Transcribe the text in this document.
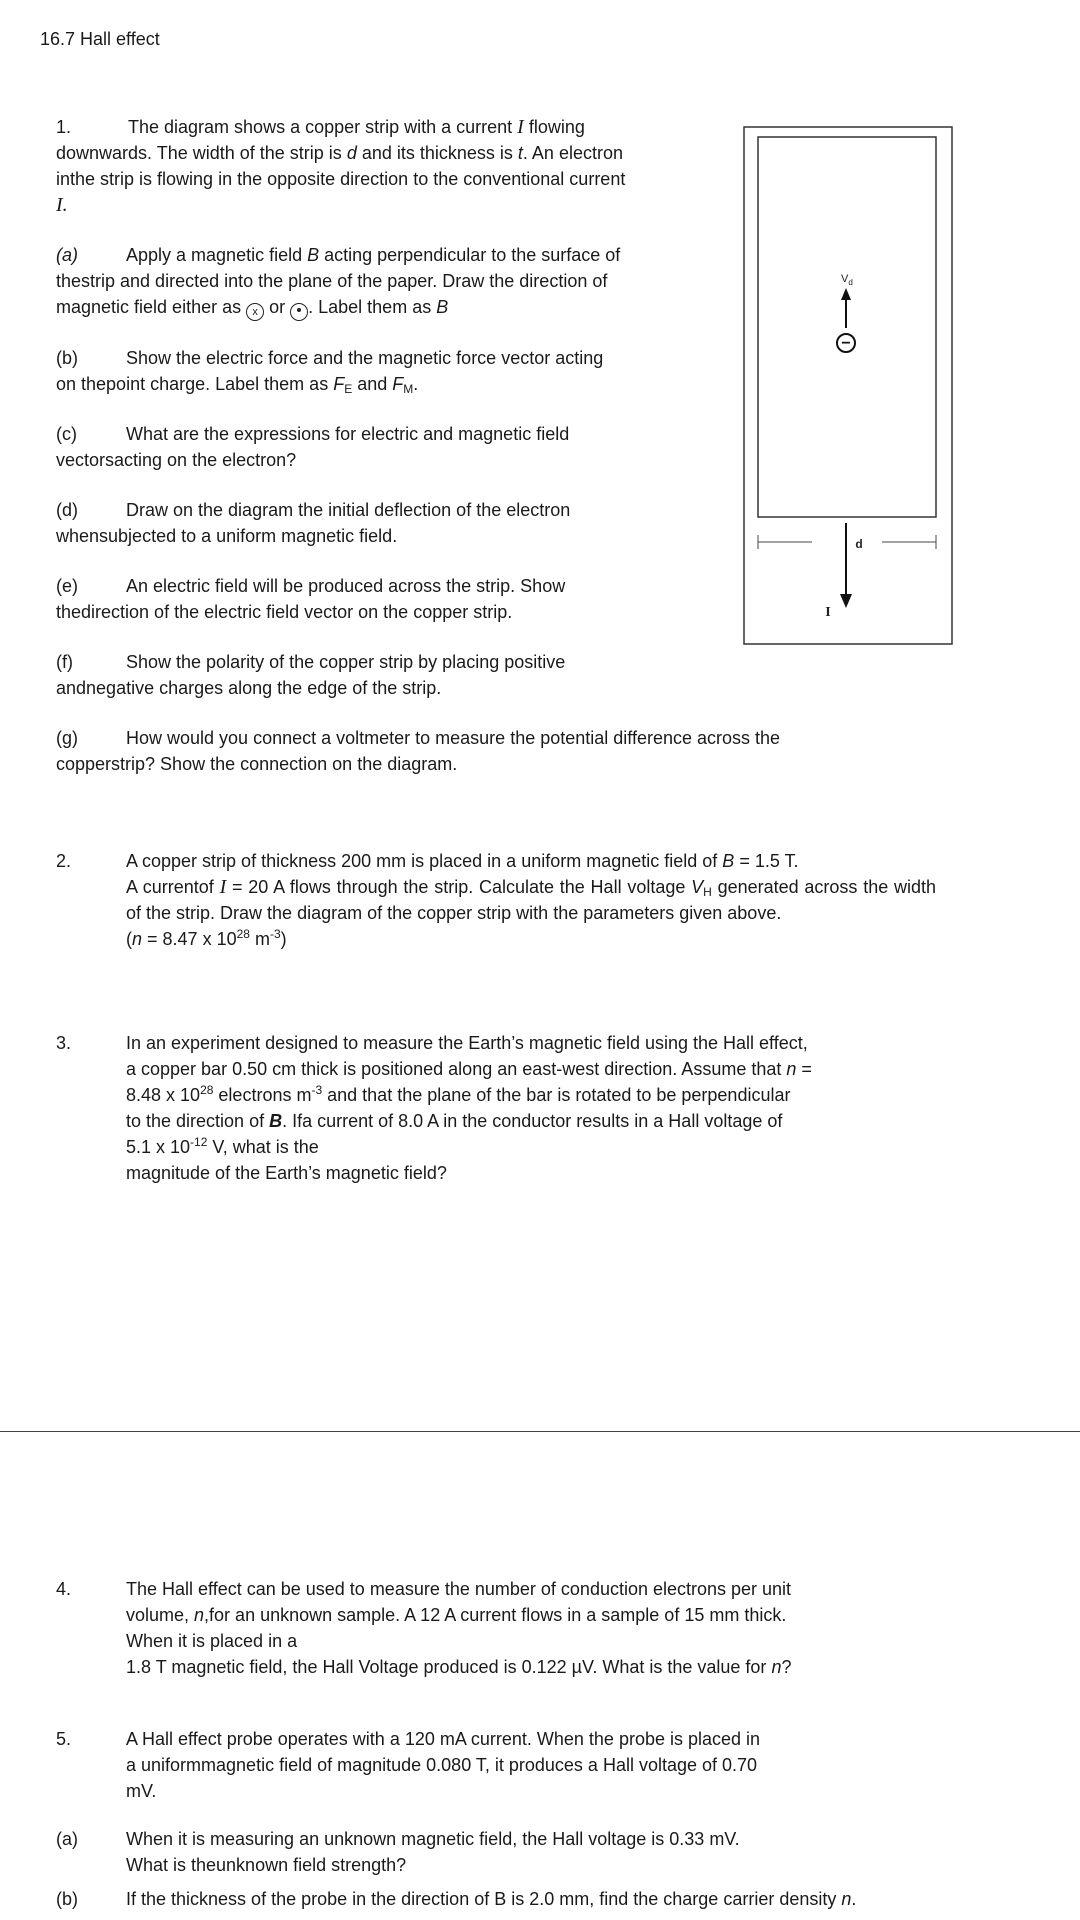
16.7 Hall effect

1.	The diagram shows a copper strip with a current I flowing downwards. The width of the strip is d and its thickness is t. An electron inthe strip is flowing in the opposite direction to the conventional current I.

(a)	Apply a magnetic field B acting perpendicular to the surface of thestrip and directed into the plane of the paper. Draw the direction of magnetic field either as x or . Label them as B

(b)	Show the electric force and the magnetic force vector acting on thepoint charge. Label them as $F_E$ and $F_M$.

(c)	What are the expressions for electric and magnetic field vectorsacting on the electron?

(d)	Draw on the diagram the initial deflection of the electron whensubjected to a uniform magnetic field.

(e)	An electric field will be produced across the strip. Show thedirection of the electric field vector on the copper strip.

(f)	Show the polarity of the copper strip by placing positive andnegative charges along the edge of the strip.

(g)	How would you connect a voltmeter to measure the potential difference across the copperstrip? Show the connection on the diagram.

$V_d$
−
d
I
2.	A copper strip of thickness 200 mm is placed in a uniform magnetic field of B = 1.5 T.
A currentof I = 20 A flows through the strip. Calculate the Hall voltage $V_H$ generated across the width of the strip. Draw the diagram of the copper strip with the parameters given above.
(n = 8.47 x $10^{28}$ $m^{-3}$)
3.	In an experiment designed to measure the Earth’s magnetic field using the Hall effect,
a copper bar 0.50 cm thick is positioned along an east-west direction. Assume that n =
8.48 x $10^{28}$ electrons $m^{-3}$ and that the plane of the bar is rotated to be perpendicular
to the direction of B. Ifa current of 8.0 A in the conductor results in a Hall voltage of
5.1 x $10^{-12}$ V, what is the
magnitude of the Earth’s magnetic field?
4.	The Hall effect can be used to measure the number of conduction electrons per unit
volume, n,for an unknown sample. A 12 A current flows in a sample of 15 mm thick.
When it is placed in a
1.8 T magnetic field, the Hall Voltage produced is 0.122 µV. What is the value for n?
5.	A Hall effect probe operates with a 120 mA current. When the probe is placed in
a uniformmagnetic field of magnitude 0.080 T, it produces a Hall voltage of 0.70
mV.
(a)	When it is measuring an unknown magnetic field, the Hall voltage is 0.33 mV.
What is theunknown field strength?
(b)	If the thickness of the probe in the direction of B is 2.0 mm, find the charge carrier density n.
